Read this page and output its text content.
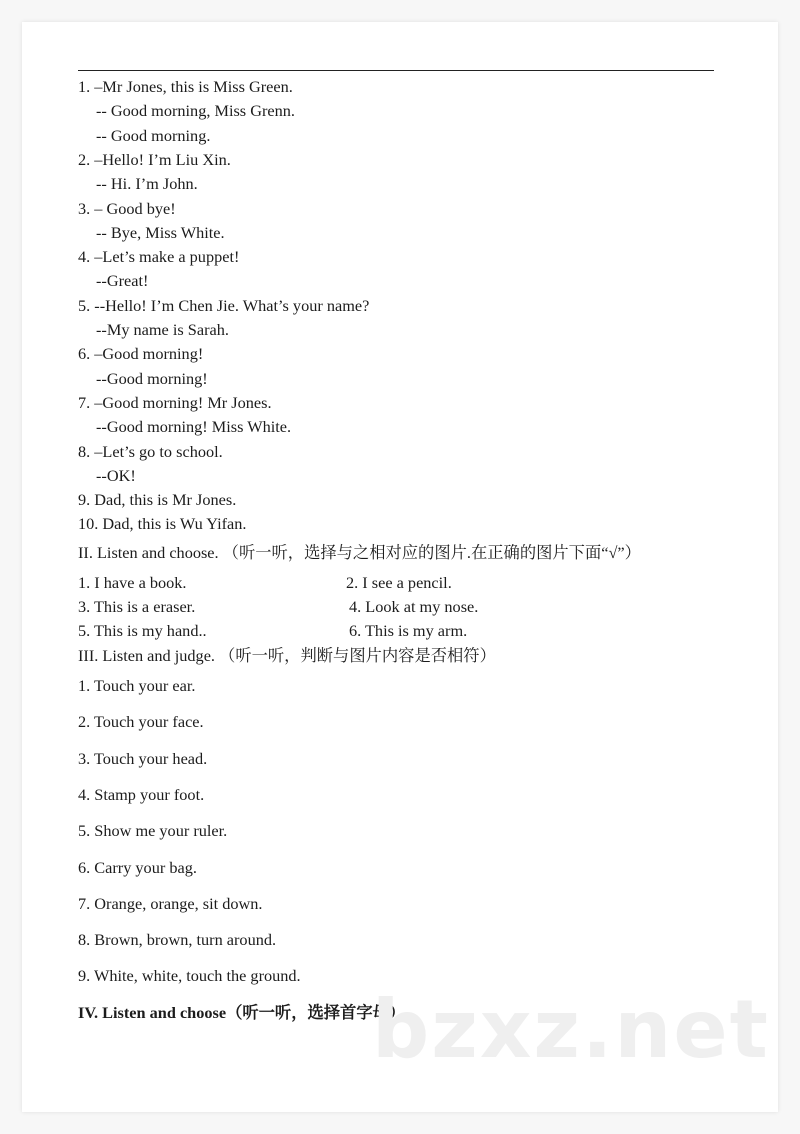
1. –Mr Jones, this is Miss Green.
-- Good morning, Miss Grenn.
-- Good morning.
2. –Hello! I’m Liu Xin.
-- Hi. I’m John.
3. – Good bye!
-- Bye, Miss White.
4. –Let’s make a puppet!
--Great!
5. --Hello! I’m Chen Jie. What’s your name?
--My name is Sarah.
6. –Good morning!
--Good morning!
7. –Good morning! Mr Jones.
--Good morning! Miss White.
8. –Let’s go to school.
--OK!
9. Dad, this is Mr Jones.
10. Dad, this is Wu Yifan.
II. Listen and choose. （听一听，选择与之相对应的图片.在正确的图片下面“√”）
1. I have a book.	2. I see a pencil.
3. This is a eraser.	4. Look at my nose.
5. This is my hand..	6. This is my arm.
III. Listen and judge. （听一听，判断与图片内容是否相符）
1. Touch your ear.
2. Touch your face.
3. Touch your head.
4. Stamp your foot.
5. Show me your ruler.
6. Carry your bag.
7. Orange, orange, sit down.
8. Brown, brown, turn around.
9. White, white, touch the ground.
IV. Listen and choose（听一听，选择首字母）
bzxz.net
